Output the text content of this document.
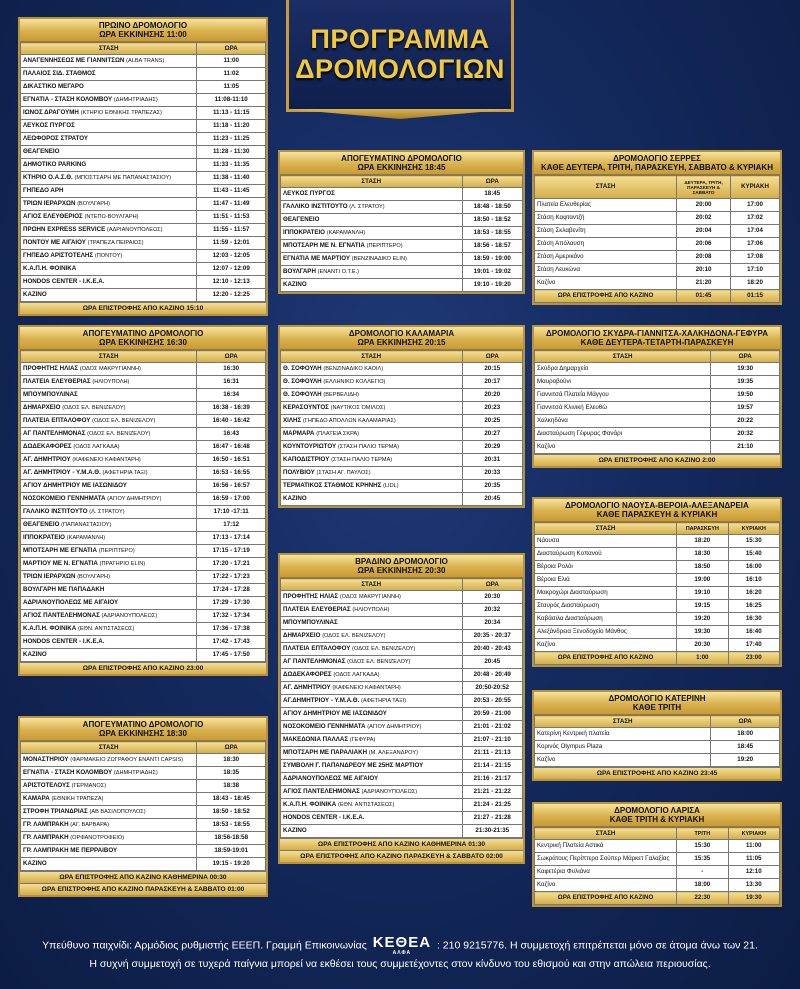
ΠΡΟΓΡΑΜΜΑ
ΔΡΟΜΟΛΟΓΙΩΝ
ΠΡΩΙΝΟ ΔΡΟΜΟΛΟΓΙΟ
ΩΡΑ ΕΚΚΙΝΗΣΗΣ 11:00
ΣΤΑΣΗ	ΩΡΑ
ΑΝΑΓΕΝΝΗΣΕΩΣ ΜΕ ΓΙΑΝΝΙΤΣΩΝ (ALBA TRANS)	11:00
ΠΑΛΑΙΟΣ ΣΙΔ. ΣΤΑΘΜΟΣ	11:02
ΔΙΚΑΣΤΙΚΟ ΜΕΓΑΡΟ	11:05
ΕΓΝΑΤΙΑ - ΣΤΑΣΗ ΚΟΛΟΜΒΟΥ (ΔΗΜΗΤΡΙΑΔΗΣ)	11:08-11:10
ΙΩΝΟΣ ΔΡΑΓΟΥΜΗ (ΚΤΗΡΙΟ ΕΘΝΙΚΗΣ ΤΡΑΠΕΖΑΣ)	11:13 - 11:15
ΛΕΥΚΟΣ ΠΥΡΓΟΣ	11:18 - 11:20
ΛΕΩΦΟΡΟΣ ΣΤΡΑΤΟΥ	11:23 - 11:25
ΘΕΑΓΕΝΕΙΟ	11:28 - 11:30
ΔΗΜΟΤΙΚΟ PARKING	11:33 - 11:35
ΚΤΗΡΙΟ Ο.Α.Σ.Θ. (ΜΠΟΣΤΣΑΡΗ ΜΕ ΠΑΠΑΝΑΣΤΑΣΙΟΥ)	11:38 - 11:40
ΓΗΠΕΔΟ ΑΡΗ	11:43 - 11:45
ΤΡΙΩΝ ΙΕΡΑΡΧΩΝ (ΒΟΥΛΓΑΡΗ)	11:47 - 11:49
ΑΓΙΟΣ ΕΛΕΥΘΕΡΙΟΣ (ΝΤΕΠΩ-ΒΟΥΛΓΑΡΗ)	11:51 - 11:53
ΠΡΩΗΝ EXPRESS SERVICE (ΑΔΡΙΑΝΟΥΠΟΛΕΩΣ)	11:55 - 11:57
ΠΟΝΤΟΥ ΜΕ ΑΙΓΑΙΟΥ (ΤΡΑΠΕΖΑ ΠΕΙΡΑΙΩΣ)	11:59 - 12:01
ΓΗΠΕΔΟ ΑΡΙΣΤΟΤΕΛΗΣ (ΠΟΝΤΟΥ)	12:03 - 12:05
Κ.Α.Π.Η. ΦΟΙΝΙΚΑ	12:07 - 12:09
HONDOS CENTER - Ι.Κ.Ε.Α.	12:10 - 12:13
ΚΑΖΙΝΟ	12:20 - 12:25
ΩΡΑ ΕΠΙΣΤΡΟΦΗΣ ΑΠΟ ΚΑΖΙΝΟ 15:10
ΑΠΟΓΕΥΜΑΤΙΝΟ ΔΡΟΜΟΛΟΓΙΟ
ΩΡΑ ΕΚΚΙΝΗΣΗΣ 18:45
ΣΤΑΣΗ	ΩΡΑ
ΛΕΥΚΟΣ ΠΥΡΓΟΣ	18:45
ΓΑΛΛΙΚΟ ΙΝΣΤΙΤΟΥΤΟ (Λ. ΣΤΡΑΤΟΥ)	18:48 - 18:50
ΘΕΑΓΕΝΕΙΟ	18:50 - 18:52
ΙΠΠΟΚΡΑΤΕΙΟ (ΚΑΡΑΜΑΝΛΗ)	18:53 - 18:55
ΜΠΟΤΣΑΡΗ ΜΕ Ν. ΕΓΝΑΤΙΑ (ΠΕΡΙΠΤΕΡΟ)	18:56 - 18:57
ΕΓΝΑΤΙΑ ΜΕ ΜΑΡΤΙΟΥ (ΒΕΝΖΙΝΑΔΙΚΟ ELIN)	18:59 - 19:00
ΒΟΥΛΓΑΡΗ (ΕΝΑΝΤΙ Ο.Τ.Ε.)	19:01 - 19:02
ΚΑΖΙΝΟ	19:10 - 19:20
ΔΡΟΜΟΛΟΓΙΟ ΣΕΡΡΕΣ
ΚΑΘΕ ΔΕΥΤΕΡΑ, ΤΡΙΤΗ, ΠΑΡΑΣΚΕΥΗ, ΣΑΒΒΑΤΟ & ΚΥΡΙΑΚΗ
ΣΤΑΣΗ	ΔΕΥΤΕΡΑ, ΤΡΙΤΗ, ΠΑΡΑΣΚΕΥΗ & ΣΑΒΒΑΤΟ	ΚΥΡΙΑΚΗ
Πλατεία Ελευθερίας	20:00	17:00
Στάση Καφταντζή	20:02	17:02
Στάση Σκλαβενίτη	20:04	17:04
Στάση Απόλαυση	20:06	17:06
Στάση Αμερικάνο	20:08	17:08
Στάση Λευκώνα	20:10	17:10
Καζίνο	21:20	18:20
ΩΡΑ ΕΠΙΣΤΡΟΦΗΣ ΑΠΟ ΚΑΖΙΝΟ	01:45	01:15
ΑΠΟΓΕΥΜΑΤΙΝΟ ΔΡΟΜΟΛΟΓΙΟ
ΩΡΑ ΕΚΚΙΝΗΣΗΣ 16:30
ΣΤΑΣΗ	ΩΡΑ
ΠΡΟΦΗΤΗΣ ΗΛΙΑΣ (ΟΔΟΣ ΜΑΚΡΥΓΙΑΝΝΗ)	16:30
ΠΛΑΤΕΙΑ ΕΛΕΥΘΕΡΙΑΣ (ΗΛΙΟΥΠΟΛΗ)	16:31
ΜΠΟΥΜΠΟΥΛΙΝΑΣ	16:34
ΔΗΜΑΡΧΕΙΟ (ΟΔΟΣ ΕΛ. ΒΕΝΙΖΕΛΟΥ)	16:38 - 16:39
ΠΛΑΤΕΙΑ ΕΠΤΑΛΟΦΟΥ (ΟΔΟΣ ΕΛ. ΒΕΝΙΖΕΛΟΥ)	16:40 - 16:42
ΑΓ ΠΑΝΤΕΛΗΜΟΝΑΣ (ΟΔΟΣ ΕΛ. ΒΕΝΙΖΕΛΟΥ)	16:43
ΔΩΔΕΚΑΦΟΡΕΣ (ΟΔΟΣ ΛΑΓΚΑΔΑ)	16:47 - 16:48
ΑΓ. ΔΗΜΗΤΡΙΟΥ (ΚΑΦΕΝΕΙΟ ΚΑΦΑΝΤΑΡΗ)	16:50 - 16:51
ΑΓ. ΔΗΜΗΤΡΙΟΥ - Υ.Μ.Α.Θ. (ΑΦΕΤΗΡΙΑ ΤΑΞΙ)	16:53 - 16:55
ΑΓΙΟΥ ΔΗΜΗΤΡΙΟΥ ΜΕ ΙΑΣΩΝΙΔΟΥ	16:56 - 16:57
ΝΟΣΟΚΟΜΕΙΟ ΓΕΝΝΗΜΑΤΑ (ΑΓΙΟΥ ΔΗΜΗΤΡΙΟΥ)	16:59 - 17:00
ΓΑΛΛΙΚΟ ΙΝΣΤΙΤΟΥΤΟ (Λ. ΣΤΡΑΤΟΥ)	17:10 -17:11
ΘΕΑΓΕΝΕΙΟ (ΠΑΠΑΝΑΣΤΑΣΙΟΥ)	17:12
ΙΠΠΟΚΡΑΤΕΙΟ (ΚΑΡΑΜΑΝΛΗ)	17:13 - 17:14
ΜΠΟΤΣΑΡΗ ΜΕ ΕΓΝΑΤΙΑ (ΠΕΡΙΠΤΕΡΟ)	17:15 - 17:19
ΜΑΡΤΙΟΥ ΜΕ Ν. ΕΓΝΑΤΙΑ (ΠΡΑΤΗΡΙΟ ELIN)	17:20 - 17:21
ΤΡΙΩΝ ΙΕΡΑΡΧΩΝ (ΒΟΥΛΓΑΡΗ)	17:22 - 17:23
ΒΟΥΛΓΑΡΗ ΜΕ ΠΑΠΑΔΑΚΗ	17:24 - 17:28
ΑΔΡΙΑΝΟΥΠΟΛΕΩΣ ΜΕ ΑΙΓΑΙΟΥ	17:29 - 17:30
ΑΓΙΟΣ ΠΑΝΤΕΛΕΗΜΟΝΑΣ (ΑΔΡΙΑΝΟΥΠΟΛΕΩΣ)	17:32 - 17:34
Κ.Α.Π.Η. ΦΟΙΝΙΚΑ (ΕΘΝ. ΑΝΤΙΣΤΑΣΕΩΣ)	17:36 - 17:38
HONDOS CENTER - Ι.Κ.Ε.Α.	17:42 - 17:43
ΚΑΖΙΝΟ	17:45 - 17:50
ΩΡΑ ΕΠΙΣΤΡΟΦΗΣ ΑΠΟ ΚΑΖΙΝΟ 23:00
ΔΡΟΜΟΛΟΓΙΟ ΚΑΛΑΜΑΡΙΑ
ΩΡΑ ΕΚΚΙΝΗΣΗΣ 20:15
ΣΤΑΣΗ	ΩΡΑ
Θ. ΣΟΦΟΥΛΗ (ΒΕΝΖΙΝΑΔΙΚΟ ΚΑΟΙΛ)	20:15
Θ. ΣΟΦΟΥΛΗ (ΕΛΛΗΝΙΚΟ ΚΟΛΛΕΓΙΟ)	20:17
Θ. ΣΟΦΟΥΛΗ (ΒΕΡΒΕΛΙΔΗ)	20:20
ΚΕΡΑΣΟΥΝΤΟΣ (ΝΑΥΤΙΚΟΣ ΟΜΙΛΟΣ)	20:23
ΧΙΛΗΣ (ΓΗΠΕΔΟ ΑΠΟΛΛΩΝ ΚΑΛΑΜΑΡΙΑΣ)	20:25
ΜΑΡΜΑΡΑ (ΠΛΑΤΕΙΑ ΣΚΡΑ)	20:27
ΚΟΥΝΤΟΥΡΙΩΤΟΥ (ΣΤΑΣΗ ΠΑΛΙΟ ΤΕΡΜΑ)	20:29
ΚΑΠΟΔΙΣΤΡΙΟΥ (ΣΤΑΣΗ ΠΑΛΙΟ ΤΕΡΜΑ)	20:31
ΠΟΛΥΒΙΟΥ (ΣΤΑΣΗ ΑΓ. ΠΑΥΛΟΣ)	20:33
ΤΕΡΜΑΤΙΚΟΣ ΣΤΑΘΜΟΣ ΚΡΗΝΗΣ (LIDL)	20:35
ΚΑΖΙΝΟ	20:45
ΔΡΟΜΟΛΟΓΙΟ ΣΚΥΔΡΑ-ΓΙΑΝΝΙΤΣΑ-ΧΑΛΚΗΔΟΝΑ-ΓΕΦΥΡΑ
ΚΑΘΕ ΔΕΥΤΕΡΑ-ΤΕΤΑΡΤΗ-ΠΑΡΑΣΚΕΥΗ
ΣΤΑΣΗ	ΩΡΑ
Σκύδρα Δημαρχείο	19:30
Μαυροβούνι	19:35
Γιαννιτσά Πλατεία Μάγγου	19:50
Γιαννιτσά Κλινική Ελευθώ	19:57
Χαλκηδόνα	20:22
Διασταύρωση Γέφυρας Φανάρι	20:32
Καζίνο	21:10
ΩΡΑ ΕΠΙΣΤΡΟΦΗΣ ΑΠΟ ΚΑΖΙΝΟ 2:00
ΑΠΟΓΕΥΜΑΤΙΝΟ ΔΡΟΜΟΛΟΓΙΟ
ΩΡΑ ΕΚΚΙΝΗΣΗΣ 18:30
ΣΤΑΣΗ	ΩΡΑ
ΜΟΝΑΣΤΗΡΙΟΥ (ΦΑΡΜΑΚΕΙΟ ΖΩΓΡΑΦΟΥ ΕΝΑΝΤΙ CAPSIS)	18:30
ΕΓΝΑΤΙΑ - ΣΤΑΣΗ ΚΟΛΟΜΒΟΥ (ΔΗΜΗΤΡΙΑΔΗΣ)	18:35
ΑΡΙΣΤΟΤΕΛΟΥΣ (ΓΕΡΜΑΝΟΣ)	18:38
ΚΑΜΑΡΑ (ΕΘΝΙΚΗ ΤΡΑΠΕΖΑ)	18:43 - 18:45
ΣΤΡΟΦΗ ΤΡΙΑΝΔΡΙΑΣ (ΑΒ ΒΑΣΙΛΟΠΟΥΛΟΣ)	18:50 - 18:52
ΓΡ. ΛΑΜΠΡΑΚΗ (ΑΓ. ΒΑΡΒΑΡΑ)	18:53 - 18:55
ΓΡ. ΛΑΜΠΡΑΚΗ (ΟΡΦΑΝΟΤΡΟΦΕΙΟ)	18:56-18:58
ΓΡ. ΛΑΜΠΡΑΚΗ ΜΕ ΠΕΡΡΑΙΒΟΥ	18:59-19:01
ΚΑΖΙΝΟ	19:15 - 19:20
ΩΡΑ ΕΠΙΣΤΡΟΦΗΣ ΑΠΟ ΚΑΖΙΝΟ ΚΑΘΗΜΕΡΙΝΑ 00:30
ΩΡΑ ΕΠΙΣΤΡΟΦΗΣ ΑΠΟ ΚΑΖΙΝΟ ΠΑΡΑΣΚΕΥΗ & ΣΑΒΒΑΤΟ 01:00
ΒΡΑΔΙΝΟ ΔΡΟΜΟΛΟΓΙΟ
ΩΡΑ ΕΚΚΙΝΗΣΗΣ 20:30
ΣΤΑΣΗ	ΩΡΑ
ΠΡΟΦΗΤΗΣ ΗΛΙΑΣ (ΟΔΟΣ ΜΑΚΡΥΓΙΑΝΝΗ)	20:30
ΠΛΑΤΕΙΑ ΕΛΕΥΘΕΡΙΑΣ (ΗΛΙΟΥΠΟΛΗ)	20:32
ΜΠΟΥΜΠΟΥΛΙΝΑΣ	20:34
ΔΗΜΑΡΧΕΙΟ (ΟΔΟΣ ΕΛ. ΒΕΝΙΖΕΛΟΥ)	20:35 - 20:37
ΠΛΑΤΕΙΑ ΕΠΤΑΛΟΦΟΥ (ΟΔΟΣ ΕΛ. ΒΕΝΙΖΕΛΟΥ)	20:40 - 20:43
ΑΓ ΠΑΝΤΕΛΗΜΟΝΑΣ (ΟΔΟΣ ΕΛ. ΒΕΝΙΖΕΛΟΥ)	20:45
ΔΩΔΕΚΑΦΟΡΕΣ (ΟΔΟΣ ΛΑΓΚΑΔΑ)	20:48 - 20:49
ΑΓ. ΔΗΜΗΤΡΙΟΥ (ΚΑΦΕΝΕΙΟ ΚΑΦΑΝΤΑΡΗ)	20:50-20:52
ΑΓ.ΔΗΜΗΤΡΙΟΥ - Υ.Μ.Α.Θ. (ΑΦΕΤΗΡΙΑ ΤΑΞΙ)	20:53 - 20:55
ΑΓΙΟΥ ΔΗΜΗΤΡΙΟΥ ΜΕ ΙΑΣΩΝΙΔΟΥ	20:59 - 21:00
ΝΟΣΟΚΟΜΕΙΟ ΓΕΝΝΗΜΑΤΑ (ΑΓΙΟΥ ΔΗΜΗΤΡΙΟΥ)	21:01 - 21:02
ΜΑΚΕΔΟΝΙΑ ΠΑΛΛΑΣ (ΓΕΦΥΡΑ)	21:07 - 21:10
ΜΠΟΤΣΑΡΗ ΜΕ ΠΑΡΑΛΙΑΚΗ (Μ. ΑΛΕΞΑΝΔΡΟΥ)	21:11 - 21:13
ΣΥΜΒΟΛΗ Γ. ΠΑΠΑΝΔΡΕΟΥ ΜΕ 25ΗΣ ΜΑΡΤΙΟΥ	21:14 - 21:15
ΑΔΡΙΑΝΟΥΠΟΛΕΩΣ ΜΕ ΑΙΓΑΙΟΥ	21:16 - 21:17
ΑΓΙΟΣ ΠΑΝΤΕΛΕΗΜΟΝΑΣ (ΑΔΡΙΑΝΟΥΠΟΛΕΩΣ)	21:21 - 21:22
Κ.Α.Π.Η. ΦΟΙΝΙΚΑ (ΕΘΝ. ΑΝΤΙΣΤΑΣΕΩΣ)	21:24 - 21:25
HONDOS CENTER - Ι.Κ.Ε.Α.	21:27 - 21:28
ΚΑΖΙΝΟ	21:30-21:35
ΩΡΑ ΕΠΙΣΤΡΟΦΗΣ ΑΠΟ ΚΑΖΙΝΟ ΚΑΘΗΜΕΡΙΝΑ 01:30
ΩΡΑ ΕΠΙΣΤΡΟΦΗΣ ΑΠΟ ΚΑΖΙΝΟ ΠΑΡΑΣΚΕΥΗ & ΣΑΒΒΑΤΟ 02:00
ΔΡΟΜΟΛΟΓΙΟ ΝΑΟΥΣΑ-ΒΕΡΟΙΑ-ΑΛΕΞΑΝΔΡΕΙΑ
ΚΑΘΕ ΠΑΡΑΣΚΕΥΗ & ΚΥΡΙΑΚΗ
ΣΤΑΣΗ	ΠΑΡΑΣΚΕΥΗ	ΚΥΡΙΑΚΗ
Νάουσα	18:20	15:30
Διασταύρωση Κοπανού	18:30	15:40
Βέροια Ρολόι	18:50	16:00
Βέροια Ελιά	19:00	16:10
Μακροχώρι Διασταύρωση	19:10	16:20
Σταυρός Διασταύρωση	19:15	16:25
Καβάσιλα Διασταύρωση	19:20	16:30
Αλεξάνδρεια Ξενοδοχείο Μάνθος	19:30	16:40
Καζίνο	20:30	17:40
ΩΡΑ ΕΠΙΣΤΡΟΦΗΣ ΑΠΟ ΚΑΖΙΝΟ	1:00	23:00
ΔΡΟΜΟΛΟΓΙΟ ΚΑΤΕΡΙΝΗ
ΚΑΘΕ ΤΡΙΤΗ
ΣΤΑΣΗ	ΩΡΑ
Κατερίνη Κεντρική πλατεία	18:00
Κορινός Olympus Plaza	18:45
Καζίνο	19:20
ΩΡΑ ΕΠΙΣΤΡΟΦΗΣ ΑΠΟ ΚΑΖΙΝΟ 23:45
ΔΡΟΜΟΛΟΓΙΟ ΛΑΡΙΣΑ
ΚΑΘΕ ΤΡΙΤΗ & ΚΥΡΙΑΚΗ
ΣΤΑΣΗ	ΤΡΙΤΗ	ΚΥΡΙΑΚΗ
Κεντρική Πλατεία Αστικά	15:30	11:00
Σωκράτους Περίπτερο Σούπερ Μάρκετ Γαλαξίας	15:35	11:05
Καφετέρια Φυλιάνα	-	12:10
Καζίνο	18:00	13:30
ΩΡΑ ΕΠΙΣΤΡΟΦΗΣ ΑΠΟ ΚΑΖΙΝΟ	22:30	19:30
Υπεύθυνο παιχνίδι: Αρμόδιος ρυθμιστής ΕΕΕΠ. Γραμμή Επικοινωνίας ΚΕΘΕΑ
ΑΛΦΑ
: 210 9215776. Η συμμετοχή επιτρέπεται μόνο σε άτομα άνω των 21.
Η συχνή συμμετοχή σε τυχερά παίγνια μπορεί να εκθέσει τους συμμετέχοντες στον κίνδυνο του εθισμού και στην απώλεια περιουσίας.
